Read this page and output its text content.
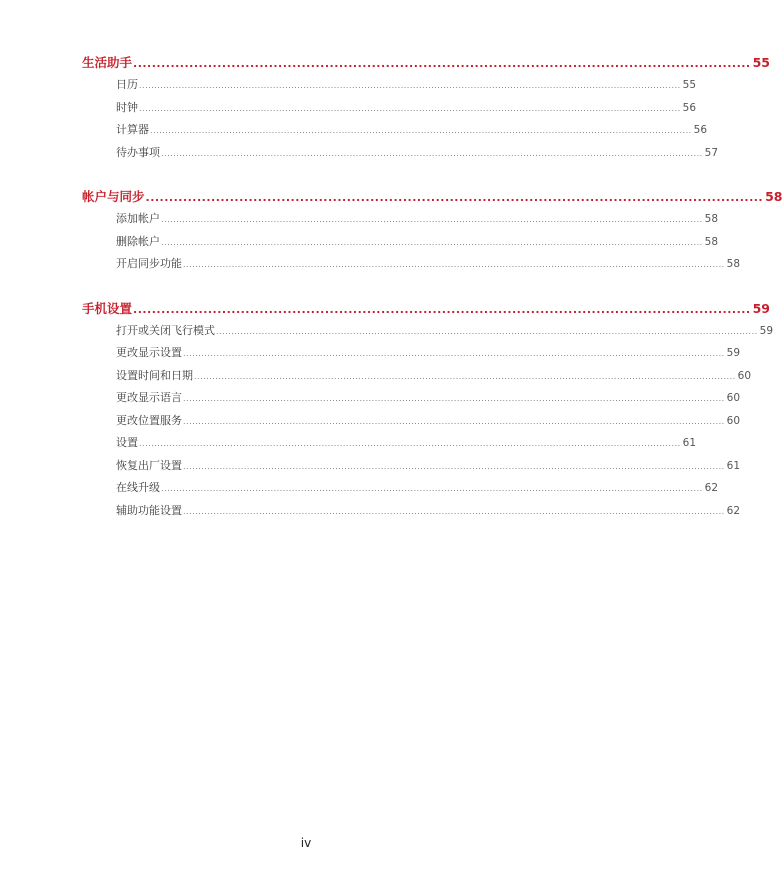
生活助手 .................................................................................................................................... 55
日历 .................................................................................................................................................................................. 55
时钟 .................................................................................................................................................................................. 56
计算器 .................................................................................................................................................................................. 56
待办事项 .................................................................................................................................................................................. 57
帐户与同步 .................................................................................................................................... 58
添加帐户 .................................................................................................................................................................................. 58
删除帐户 .................................................................................................................................................................................. 58
开启同步功能 .................................................................................................................................................................................. 58
手机设置 .................................................................................................................................... 59
打开或关闭飞行模式 .................................................................................................................................................................................. 59
更改显示设置 .................................................................................................................................................................................. 59
设置时间和日期 .................................................................................................................................................................................. 60
更改显示语言 .................................................................................................................................................................................. 60
更改位置服务 .................................................................................................................................................................................. 60
设置 .................................................................................................................................................................................. 61
恢复出厂设置 .................................................................................................................................................................................. 61
在线升级 .................................................................................................................................................................................. 62
辅助功能设置 .................................................................................................................................................................................. 62
iv
